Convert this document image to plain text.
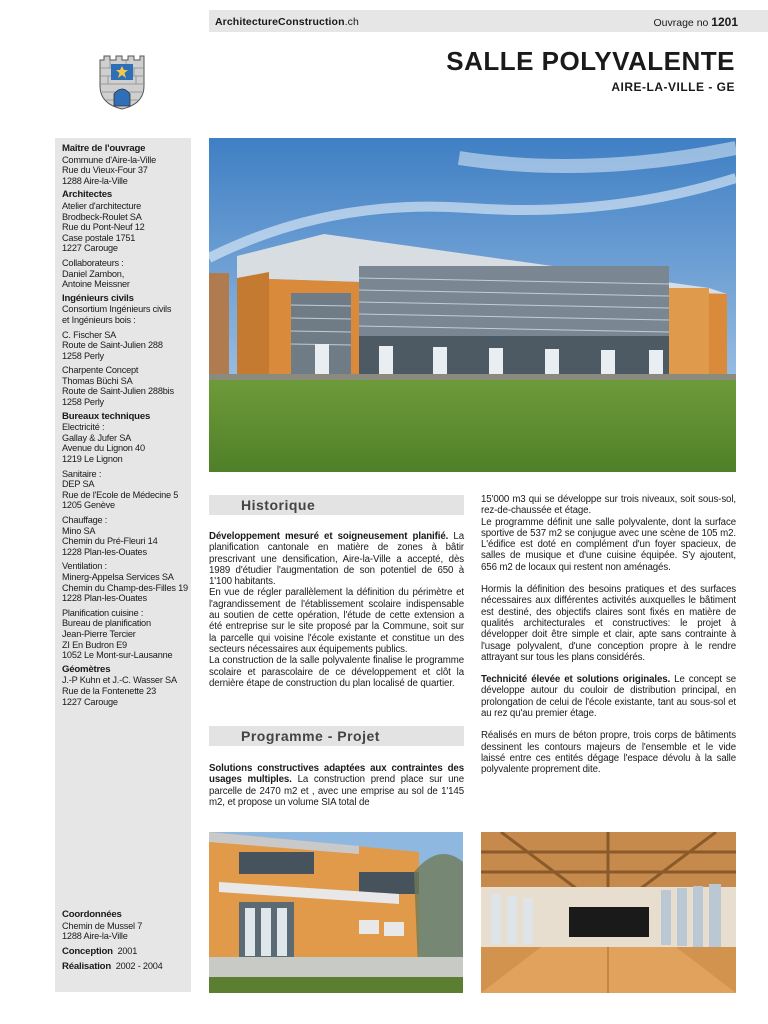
ArchitectureConstruction.ch	Ouvrage no 1201
SALLE POLYVALENTE
AIRE-LA-VILLE - GE
Maître de l'ouvrage
Commune d'Aire-la-Ville
Rue du Vieux-Four 37
1288 Aire-la-Ville
Architectes
Atelier d'architecture
Brodbeck-Roulet SA
Rue du Pont-Neuf 12
Case postale 1751
1227 Carouge
Collaborateurs :
Daniel Zambon,
Antoine Meissner
Ingénieurs civils
Consortium Ingénieurs civils
et Ingénieurs bois :
C. Fischer SA
Route de Saint-Julien 288
1258 Perly
Charpente Concept
Thomas Büchi SA
Route de Saint-Julien 288bis
1258 Perly
Bureaux techniques
Electricité :
Gallay & Jufer SA
Avenue du Lignon 40
1219 Le Lignon
Sanitaire :
DEP SA
Rue de l'Ecole de Médecine 5
1205 Genève
Chauffage :
Mino SA
Chemin du Pré-Fleuri 14
1228 Plan-les-Ouates
Ventilation :
Minerg-Appelsa Services SA
Chemin du Champ-des-Filles 19
1228 Plan-les-Ouates
Planification cuisine :
Bureau de planification
Jean-Pierre Tercier
ZI En Budron E9
1052 Le Mont-sur-Lausanne
Géomètres
J.-P Kuhn et J.-C. Wasser SA
Rue de la Fontenette 23
1227 Carouge
Coordonnées
Chemin de Mussel 7
1288 Aire-la-Ville
Conception 2001
Réalisation 2002 - 2004
Historique

Développement mesuré et soigneusement planifié. La planification cantonale en matière de zones à bâtir prescrivant une densification, Aire-la-Ville a accepté, dès 1989 d'étudier l'augmentation de son potentiel de 650 à 1'100 habitants.

En vue de régler parallèlement la définition du périmètre et l'agrandissement de l'établissement scolaire indispensable au soutien de cette opération, l'étude de cette extension a été entreprise sur le site proposé par la Commune, soit sur la parcelle qui voisine l'école existante et constitue un des secteurs nécessaires aux équipements publics.

La construction de la salle polyvalente finalise le programme scolaire et parascolaire de ce développement et clôt la dernière étape de construction du plan localisé de quartier.

Programme - Projet

Solutions constructives adaptées aux contraintes des usages multiples. La construction prend place sur une parcelle de 2470 m2 et , avec une emprise au sol de 1'145 m2, et propose un volume SIA total de

15'000 m3 qui se développe sur trois niveaux, soit sous-sol, rez-de-chaussée et étage.

Le programme définit une salle polyvalente, dont la surface sportive de 537 m2 se conjugue avec une scène de 105 m2. L'édifice est doté en complément d'un foyer spacieux, de salles de musique et d'une cuisine équipée. S'y ajoutent, 656 m2 de locaux qui restent non aménagés.

Hormis la définition des besoins pratiques et des surfaces nécessaires aux différentes activités auxquelles le bâtiment est destiné, des objectifs claires sont fixés en matière de qualités architecturales et constructives: le projet à développer doit être simple et clair, apte sans contrainte à l'usage polyvalent, d'une conception propre à le rendre attrayant sur tous les plans considérés.

Technicité élevée et solutions originales. Le concept se développe autour du couloir de distribution principal, en prolongation de celui de l'école existante, tant au sous-sol et au rez qu'au premier étage.

Réalisés en murs de béton propre, trois corps de bâtiments dessinent les contours majeurs de l'ensemble et le vide laissé entre ces entités dégage l'espace dévolu à la salle polyvalente proprement dite.
